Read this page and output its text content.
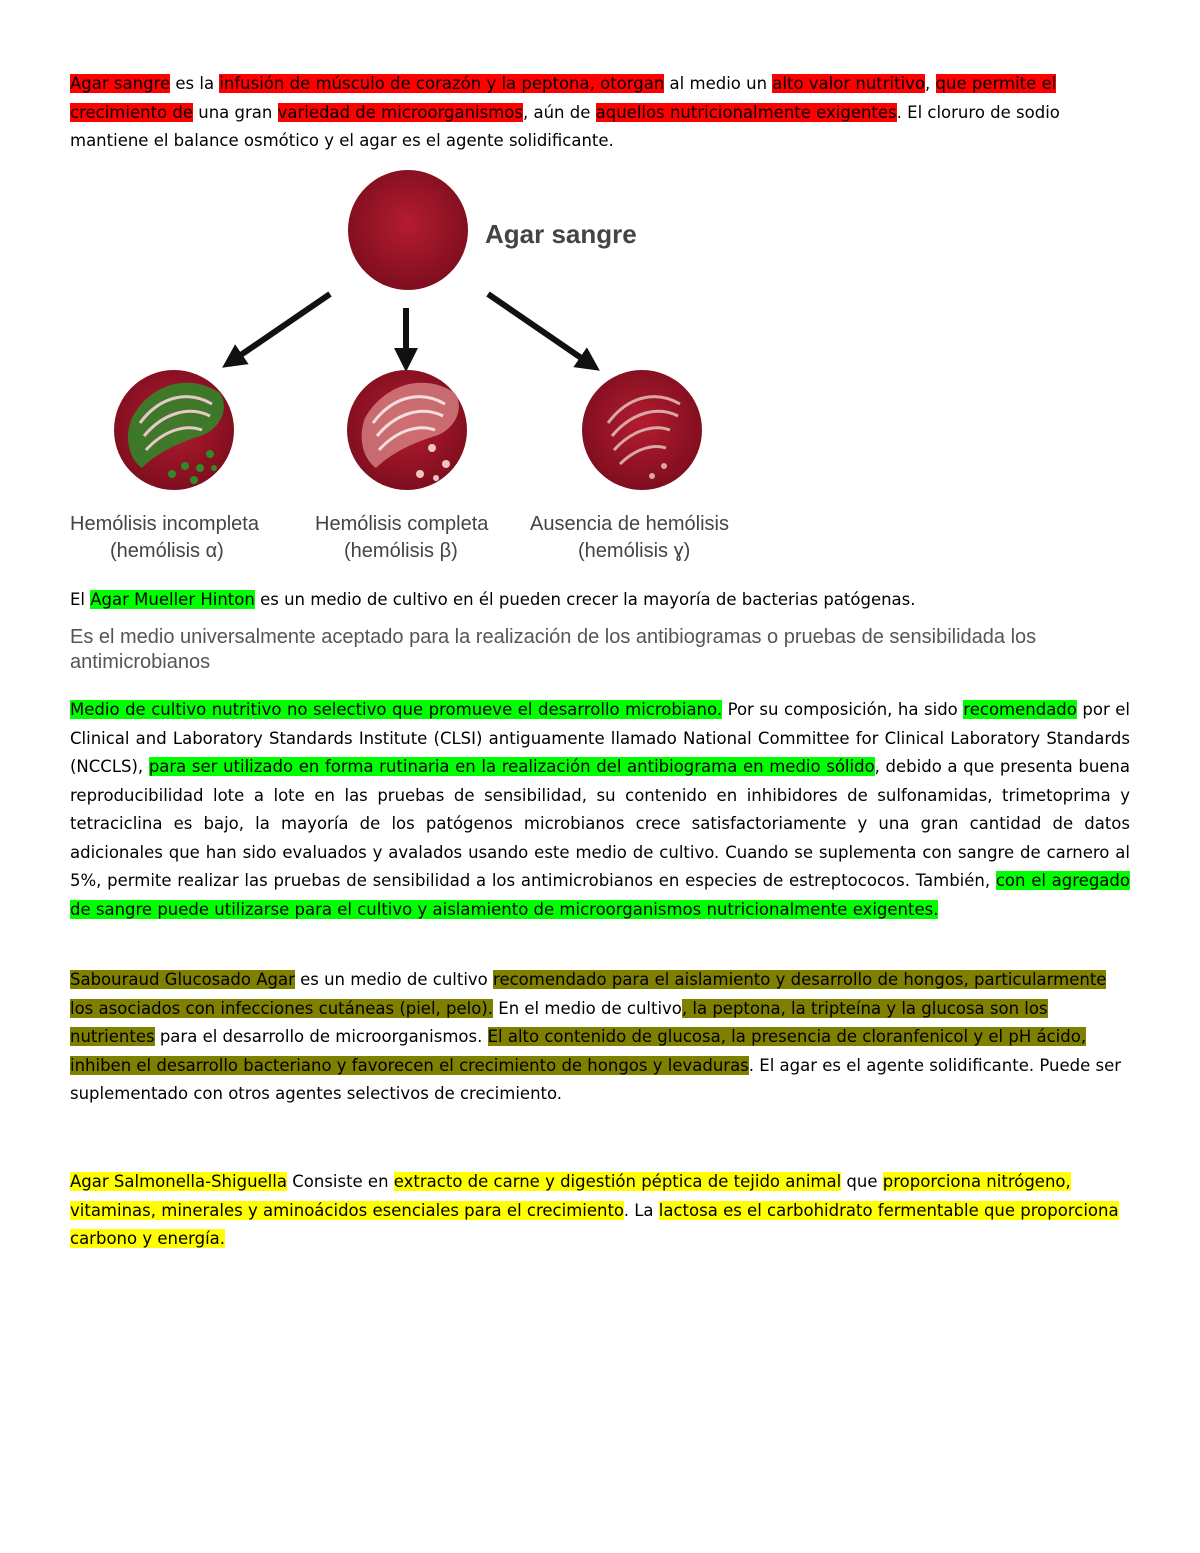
Agar sangre es la infusión de músculo de corazón y la peptona, otorgan al medio un alto valor nutritivo, que permite el crecimiento de una gran variedad de microorganismos, aún de aquellos nutricionalmente exigentes. El cloruro de sodio mantiene el balance osmótico y el agar es el agente solidificante.

Agar sangre
Hemólisis incompleta
(hemólisis α)
Hemólisis completa
(hemólisis β)
Ausencia de hemólisis
(hemólisis ɣ)

El Agar Mueller Hinton es un medio de cultivo en él pueden crecer la mayoría de bacterias patógenas.

Es el medio universalmente aceptado para la realización de los antibiogramas o pruebas de sensibilidada los antimicrobianos

Medio de cultivo nutritivo no selectivo que promueve el desarrollo microbiano. Por su composición, ha sido recomendado por el Clinical and Laboratory Standards Institute (CLSI) antiguamente llamado National Committee for Clinical Laboratory Standards (NCCLS), para ser utilizado en forma rutinaria en la realización del antibiograma en medio sólido, debido a que presenta buena reproducibilidad lote a lote en las pruebas de sensibilidad, su contenido en inhibidores de sulfonamidas, trimetoprima y tetraciclina es bajo, la mayoría de los patógenos microbianos crece satisfactoriamente y una gran cantidad de datos adicionales que han sido evaluados y avalados usando este medio de cultivo. Cuando se suplementa con sangre de carnero al 5%, permite realizar las pruebas de sensibilidad a los antimicrobianos en especies de estreptococos. También, con el agregado de sangre puede utilizarse para el cultivo y aislamiento de microorganismos nutricionalmente exigentes.

Sabouraud Glucosado Agar es un medio de cultivo recomendado para el aislamiento y desarrollo de hongos, particularmente los asociados con infecciones cutáneas (piel, pelo). En el medio de cultivo, la peptona, la tripteína y la glucosa son los nutrientes para el desarrollo de microorganismos. El alto contenido de glucosa, la presencia de cloranfenicol y el pH ácido, inhiben el desarrollo bacteriano y favorecen el crecimiento de hongos y levaduras. El agar es el agente solidificante. Puede ser suplementado con otros agentes selectivos de crecimiento.

Agar Salmonella-Shiguella Consiste en extracto de carne y digestión péptica de tejido animal que proporciona nitrógeno, vitaminas, minerales y aminoácidos esenciales para el crecimiento. La lactosa es el carbohidrato fermentable que proporciona carbono y energía.
